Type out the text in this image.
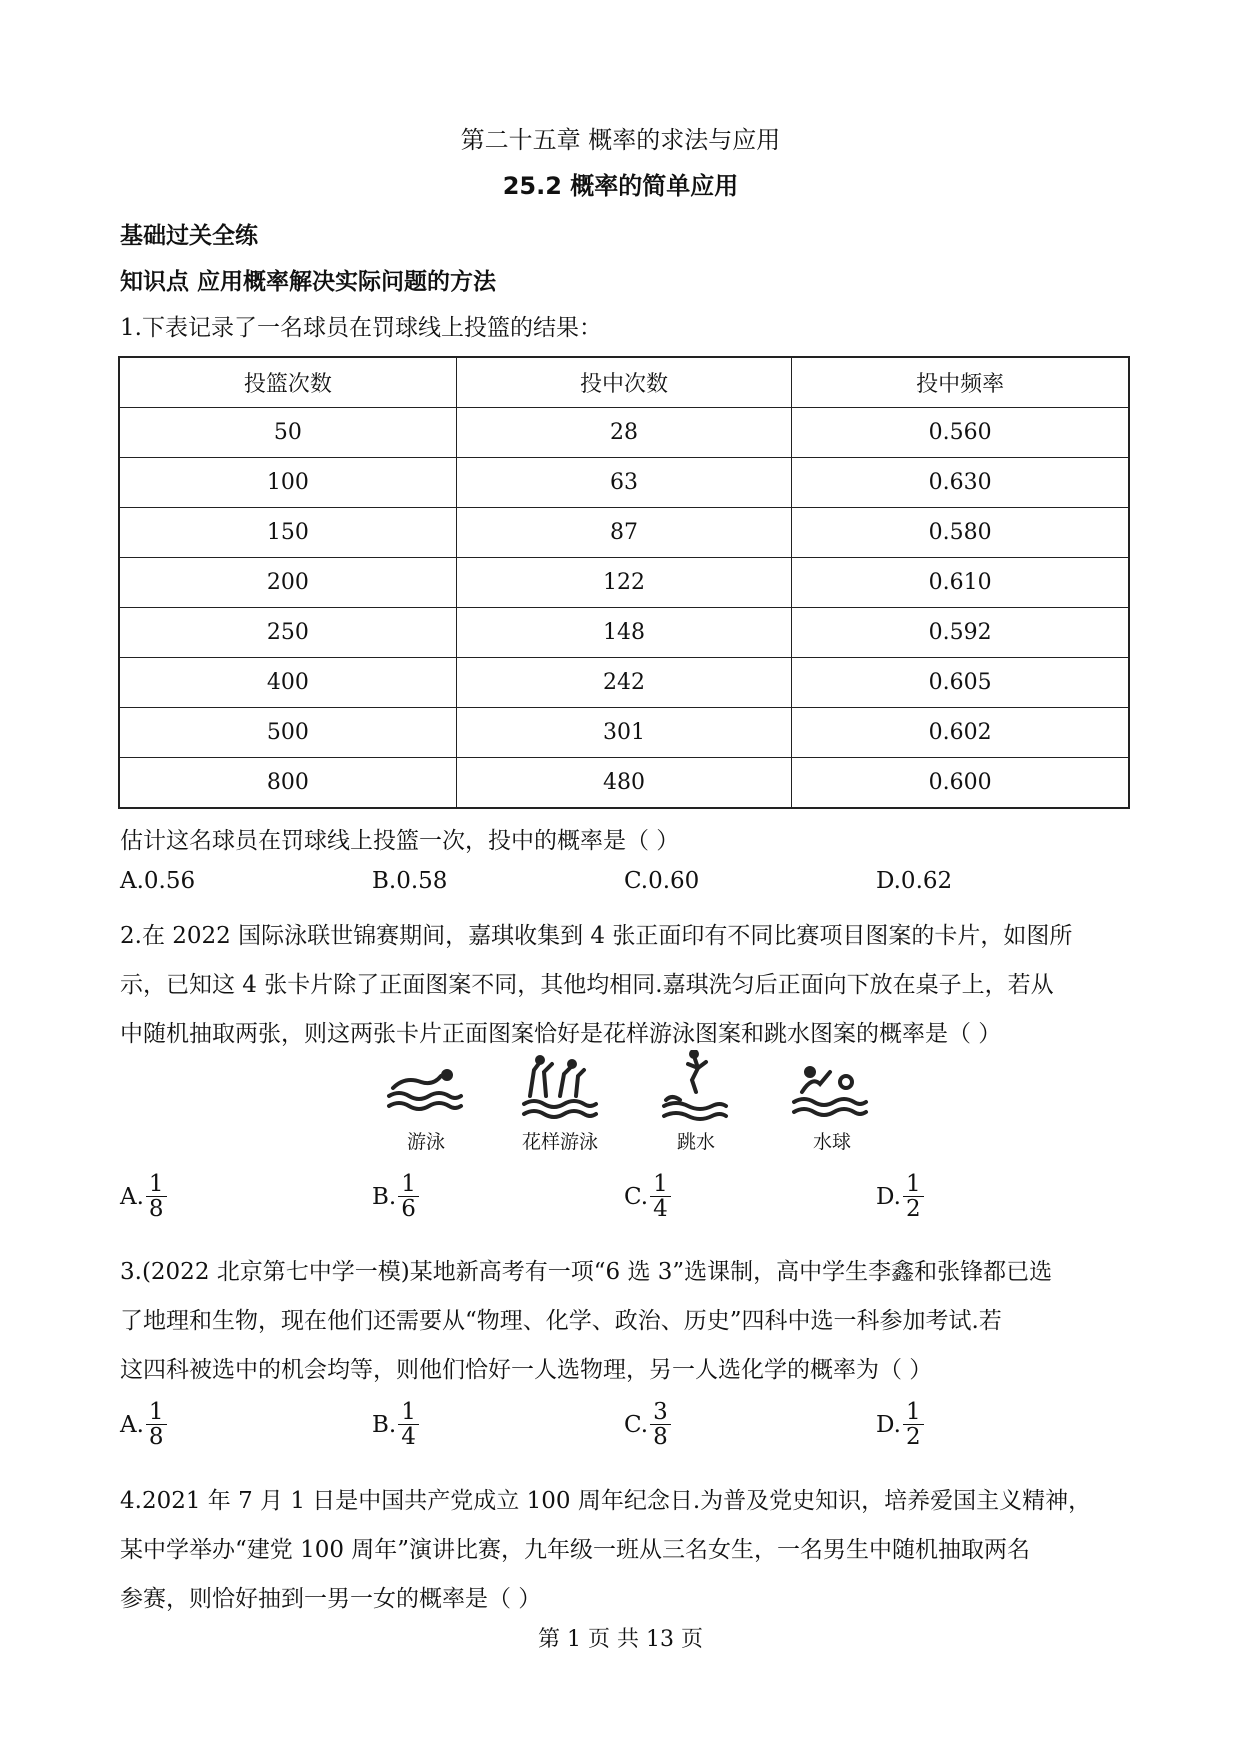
第二十五章 概率的求法与应用
25.2 概率的简单应用
基础过关全练
知识点 应用概率解决实际问题的方法
1.下表记录了一名球员在罚球线上投篮的结果：
投篮次数	投中次数	投中频率
50	28	0.560
100	63	0.630
150	87	0.580
200	122	0.610
250	148	0.592
400	242	0.605
500	301	0.602
800	480	0.600
估计这名球员在罚球线上投篮一次，投中的概率是（ ）
A.0.56	B.0.58	C.0.60	D.0.62
2.在 2022 国际泳联世锦赛期间，嘉琪收集到 4 张正面印有不同比赛项目图案的卡片，如图所
示，已知这 4 张卡片除了正面图案不同，其他均相同.嘉琪洗匀后正面向下放在桌子上，若从
中随机抽取两张，则这两张卡片正面图案恰好是花样游泳图案和跳水图案的概率是（ ）
游泳	花样游泳	跳水	水球
A. $\frac{1}{8}$	B. $\frac{1}{6}$	C. $\frac{1}{4}$	D. $\frac{1}{2}$
3.(2022 北京第七中学一模)某地新高考有一项“6 选 3”选课制，高中学生李鑫和张锋都已选
了地理和生物，现在他们还需要从“物理、化学、政治、历史”四科中选一科参加考试.若
这四科被选中的机会均等，则他们恰好一人选物理，另一人选化学的概率为（ ）
A. $\frac{1}{8}$	B. $\frac{1}{4}$	C. $\frac{3}{8}$	D. $\frac{1}{2}$
4.2021 年 7 月 1 日是中国共产党成立 100 周年纪念日.为普及党史知识，培养爱国主义精神，
某中学举办“建党 100 周年”演讲比赛，九年级一班从三名女生，一名男生中随机抽取两名
参赛，则恰好抽到一男一女的概率是（ ）
第 1 页 共 13 页
